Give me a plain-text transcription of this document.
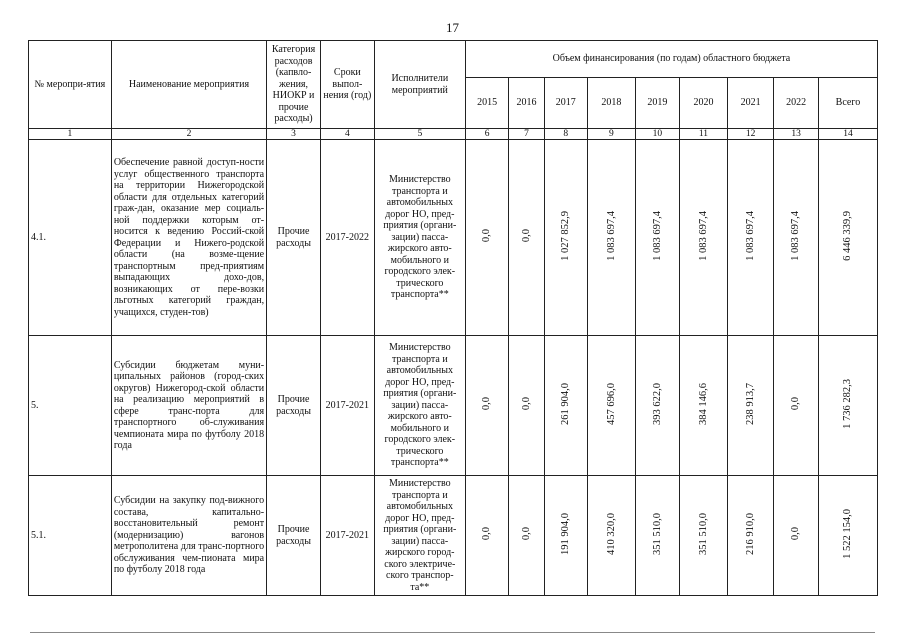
17
№ меропри-ятия	Наименование мероприятия	Категория расходов (капвло-жения, НИОКР и прочие расходы)	Сроки выпол-нения (год)	Исполнители мероприятий	Объем финансирования (по годам) областного бюджета								
					2015	2016	2017	2018	2019	2020	2021	2022	Всего
1	2	3	4	5	6	7	8	9	10	11	12	13	14
4.1.	Обеспечение равной доступ-ности услуг общественного транспорта на территории Нижегородской области для отдельных категорий граж-дан, оказание мер социаль-ной поддержки которым от-носится к ведению Россий-ской Федерации и Нижего-родской области (на возме-щение транспортным пред-приятиям выпадающих дохо-дов, возникающих от пере-возки льготных категорий граждан, учащихся, студен-тов)	Прочие расходы	2017-2022	Министерство транспорта и автомобильных дорог НО, пред-приятия (органи-зации) пасса-жирского авто-мобильного и городского элек-трического транспорта**	0,0	0,0	1 027 852,9	1 083 697,4	1 083 697,4	1 083 697,4	1 083 697,4	1 083 697,4	6 446 339,9
5.	Субсидии бюджетам муни-ципальных районов (город-ских округов) Нижегород-ской области на реализацию мероприятий в сфере транс-порта для транспортного об-служивания чемпионата мира по футболу 2018 года	Прочие расходы	2017-2021	Министерство транспорта и автомобильных дорог НО, пред-приятия (органи-зации) пасса-жирского авто-мобильного и городского элек-трического транспорта**	0,0	0,0	261 904,0	457 696,0	393 622,0	384 146,6	238 913,7	0,0	1 736 282,3
5.1.	Субсидии на закупку под-вижного состава, капитально-восстановительный ремонт (модернизацию) вагонов метрополитена для транс-портного обслуживания чем-пионата мира по футболу 2018 года	Прочие расходы	2017-2021	Министерство транспорта и автомобильных дорог НО, пред-приятия (органи-зации) пасса-жирского город-ского электриче-ского транспор-та**	0,0	0,0	191 904,0	410 320,0	351 510,0	351 510,0	216 910,0	0,0	1 522 154,0
